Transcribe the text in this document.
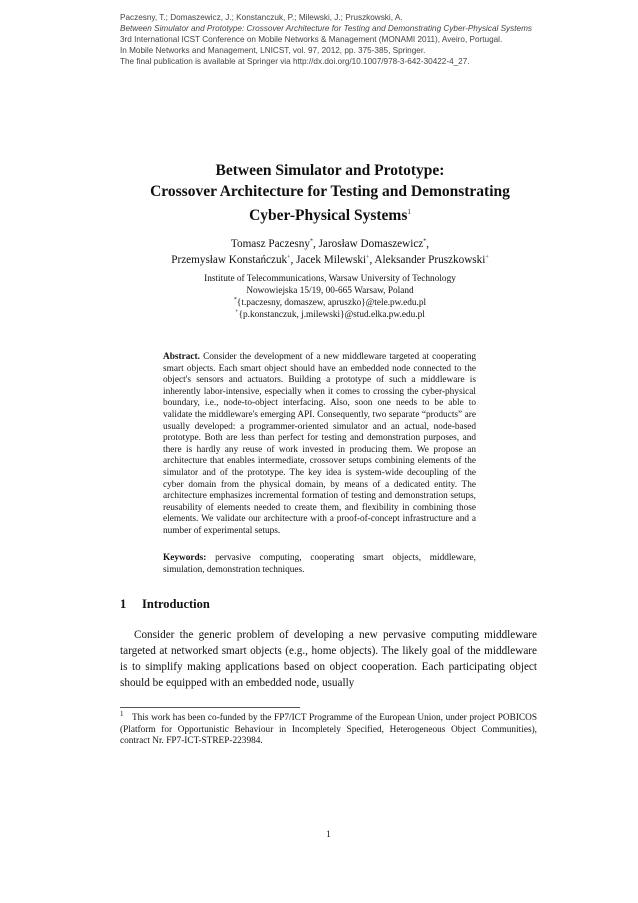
Paczesny, T.; Domaszewicz, J.; Konstanczuk, P.; Milewski, J.; Pruszkowski, A.
Between Simulator and Prototype: Crossover Architecture for Testing and Demonstrating Cyber-Physical Systems
3rd International ICST Conference on Mobile Networks & Management (MONAMI 2011), Aveiro, Portugal.
In Mobile Networks and Management, LNICST, vol. 97, 2012, pp. 375-385, Springer.
The final publication is available at Springer via http://dx.doi.org/10.1007/978-3-642-30422-4_27.
Between Simulator and Prototype:
Crossover Architecture for Testing and Demonstrating
Cyber-Physical Systems$^1$
Tomasz Paczesny*, Jarosław Domaszewicz*,
Przemysław Konstańczuk+, Jacek Milewski+, Aleksander Pruszkowski+
Institute of Telecommunications, Warsaw University of Technology
Nowowiejska 15/19, 00-665 Warsaw, Poland
*{t.paczesny, domaszew, apruszko}@tele.pw.edu.pl
+{p.konstanczuk, j.milewski}@stud.elka.pw.edu.pl
Abstract. Consider the development of a new middleware targeted at cooperating smart objects. Each smart object should have an embedded node connected to the object's sensors and actuators. Building a prototype of such a middleware is inherently labor-intensive, especially when it comes to crossing the cyber-physical boundary, i.e., node-to-object interfacing. Also, soon one needs to be able to validate the middleware's emerging API. Consequently, two separate “products” are usually developed: a programmer-oriented simulator and an actual, node-based prototype. Both are less than perfect for testing and demonstration purposes, and there is hardly any reuse of work invested in producing them. We propose an architecture that enables intermediate, crossover setups combining elements of the simulator and of the prototype. The key idea is system-wide decoupling of the cyber domain from the physical domain, by means of a dedicated entity. The architecture emphasizes incremental formation of testing and demonstration setups, reusability of elements needed to create them, and flexibility in combining those elements. We validate our architecture with a proof-of-concept infrastructure and a number of experimental setups.
Keywords: pervasive computing, cooperating smart objects, middleware, simulation, demonstration techniques.
1 Introduction
Consider the generic problem of developing a new pervasive computing middleware targeted at networked smart objects (e.g., home objects). The likely goal of the middleware is to simplify making applications based on object cooperation. Each participating object should be equipped with an embedded node, usually
1 This work has been co-funded by the FP7/ICT Programme of the European Union, under project POBICOS (Platform for Opportunistic Behaviour in Incompletely Specified, Heterogeneous Object Communities), contract Nr. FP7-ICT-STREP-223984.
1
